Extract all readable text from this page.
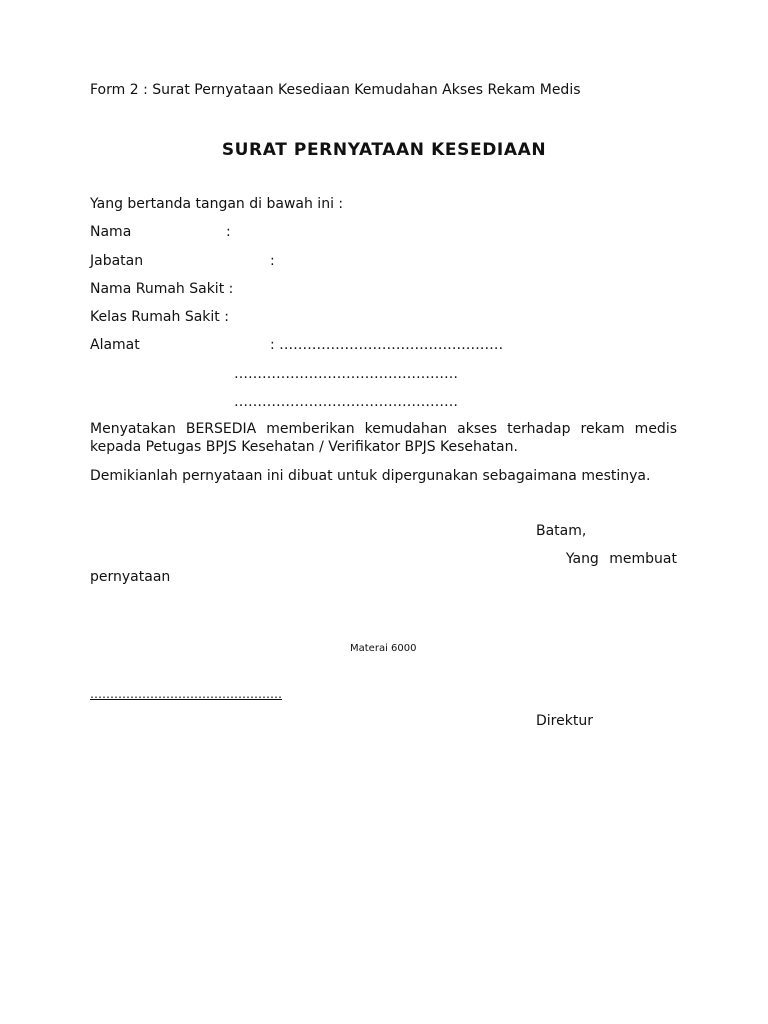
Form 2 : Surat Pernyataan Kesediaan Kemudahan Akses Rekam Medis
SURAT PERNYATAAN KESEDIAAN
Yang bertanda tangan di bawah ini :
Nama	:
Jabatan	:
Nama Rumah Sakit :
Kelas Rumah Sakit :
Alamat	: …………………………………………
…………………………………………
…………………………………………
Menyatakan BERSEDIA memberikan kemudahan akses terhadap rekam medis kepada Petugas BPJS Kesehatan / Verifikator BPJS Kesehatan.
Demikianlah pernyataan ini dibuat untuk dipergunakan sebagaimana mestinya.
Batam,
Yang membuat
pernyataan
Materai 6000
…………………………………………
Direktur
